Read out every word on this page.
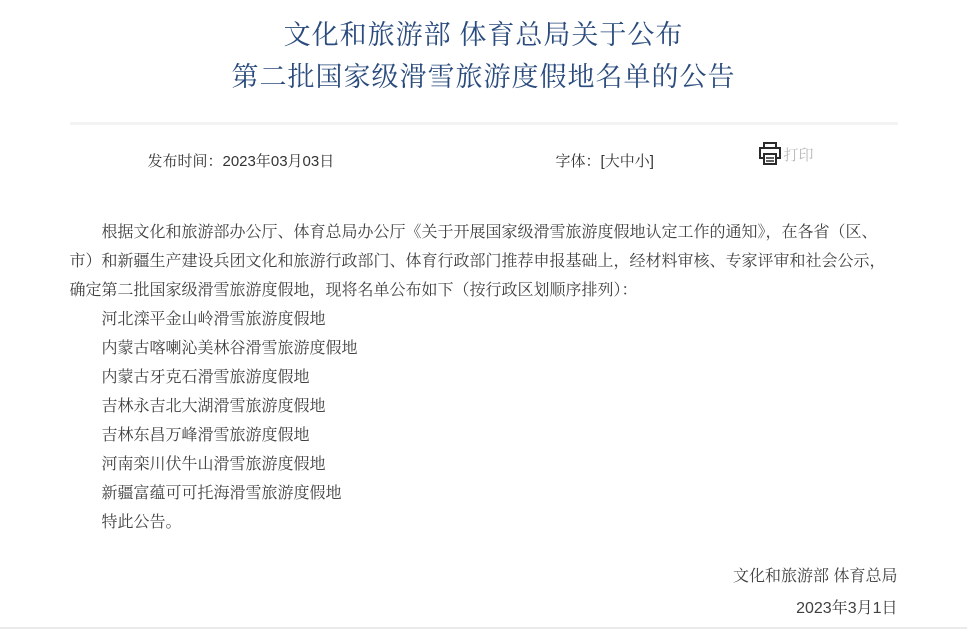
文化和旅游部 体育总局关于公布
第二批国家级滑雪旅游度假地名单的公告
发布时间：2023年03月03日	字体：[大中小]	打印
根据文化和旅游部办公厅、体育总局办公厅《关于开展国家级滑雪旅游度假地认定工作的通知》，在各省（区、
市）和新疆生产建设兵团文化和旅游行政部门、体育行政部门推荐申报基础上，经材料审核、专家评审和社会公示，
确定第二批国家级滑雪旅游度假地，现将名单公布如下（按行政区划顺序排列）：
河北滦平金山岭滑雪旅游度假地
内蒙古喀喇沁美林谷滑雪旅游度假地
内蒙古牙克石滑雪旅游度假地
吉林永吉北大湖滑雪旅游度假地
吉林东昌万峰滑雪旅游度假地
河南栾川伏牛山滑雪旅游度假地
新疆富蕴可可托海滑雪旅游度假地
特此公告。
文化和旅游部 体育总局
2023年3月1日
